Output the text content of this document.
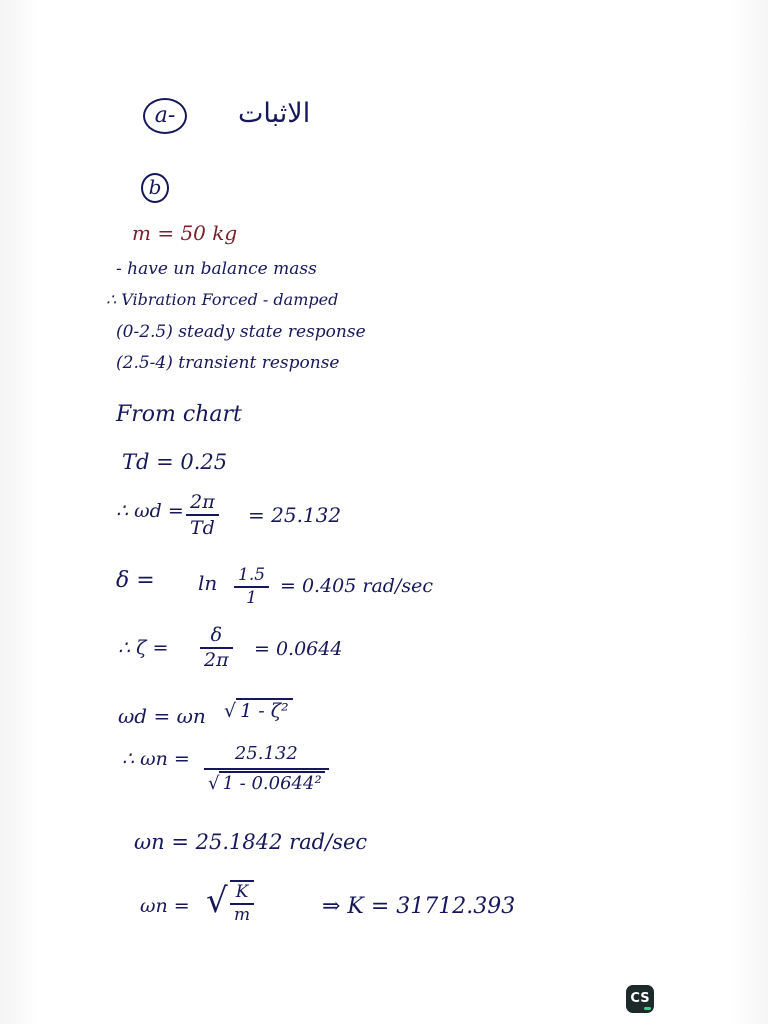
a-	الاثبات
b
m = 50 kg
- have un balance mass
∴ Vibration Forced - damped
(0-2.5) steady state response
(2.5-4) transient response
From chart
Td = 0.25
∴ $\omega d = \frac{2\pi}{Td} = 25.132$
$\delta = \ln \frac{1.5}{1} = 0.405$ rad/sec
∴ $\zeta = \frac{\delta}{2\pi} = 0.0644$
ωd = ωn √ 1 - ζ²
∴ $\omega n = \frac{25.132}{\text{√ 1 - 0.0644²}}$
ωn = 25.1842 rad/sec
ωn = √ $\frac{K}{m}$	⇒ K = 31712.393
CS
